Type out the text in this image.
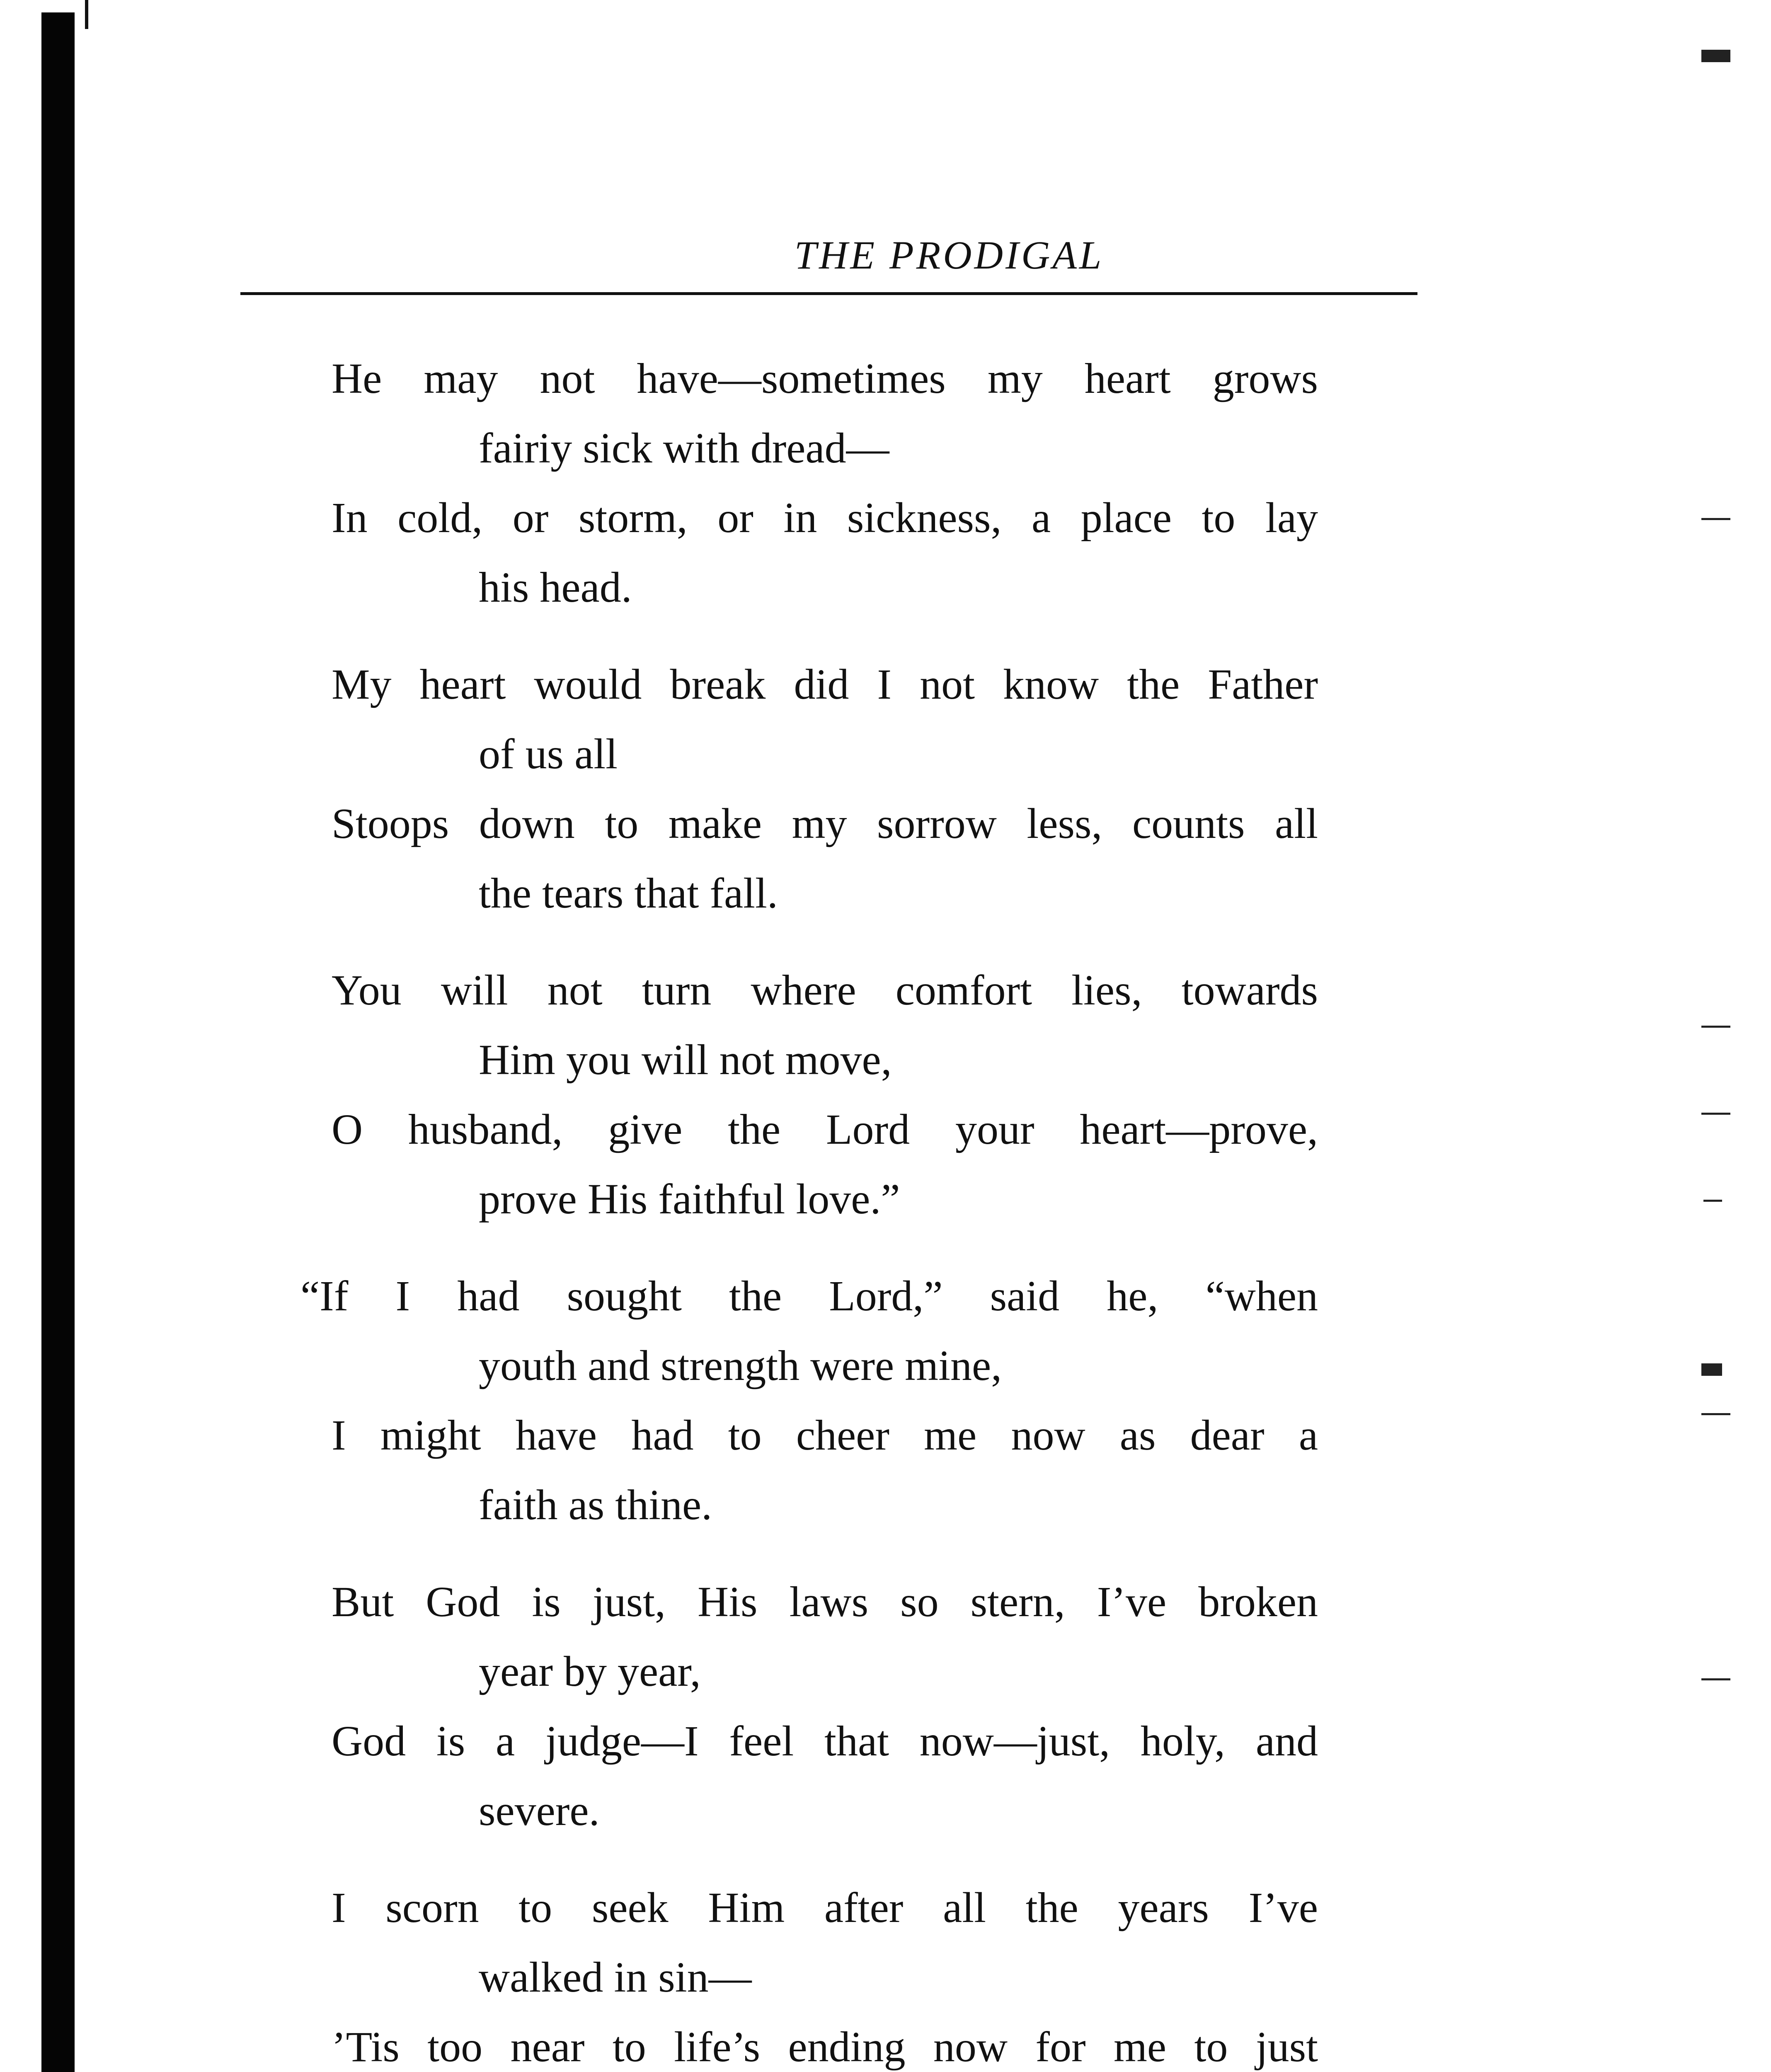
THE PRODIGAL
He may not have—sometimes my heart grows
fairiy sick with dread—
In cold, or storm, or in sickness, a place to lay
his head.
My heart would break did I not know the Father
of us all
Stoops down to make my sorrow less, counts all
the tears that fall.
You will not turn where comfort lies, towards
Him you will not move,
O husband, give the Lord your heart—prove,
prove His faithful love.”
“If I had sought the Lord,” said he, “when
youth and strength were mine,
I might have had to cheer me now as dear a
faith as thine.
But God is just, His laws so stern, I’ve broken
year by year,
God is a judge—I feel that now—just, holy, and
severe.
I scorn to seek Him after all the years I’ve
walked in sin—
’Tis too near to life’s ending now for me to just
